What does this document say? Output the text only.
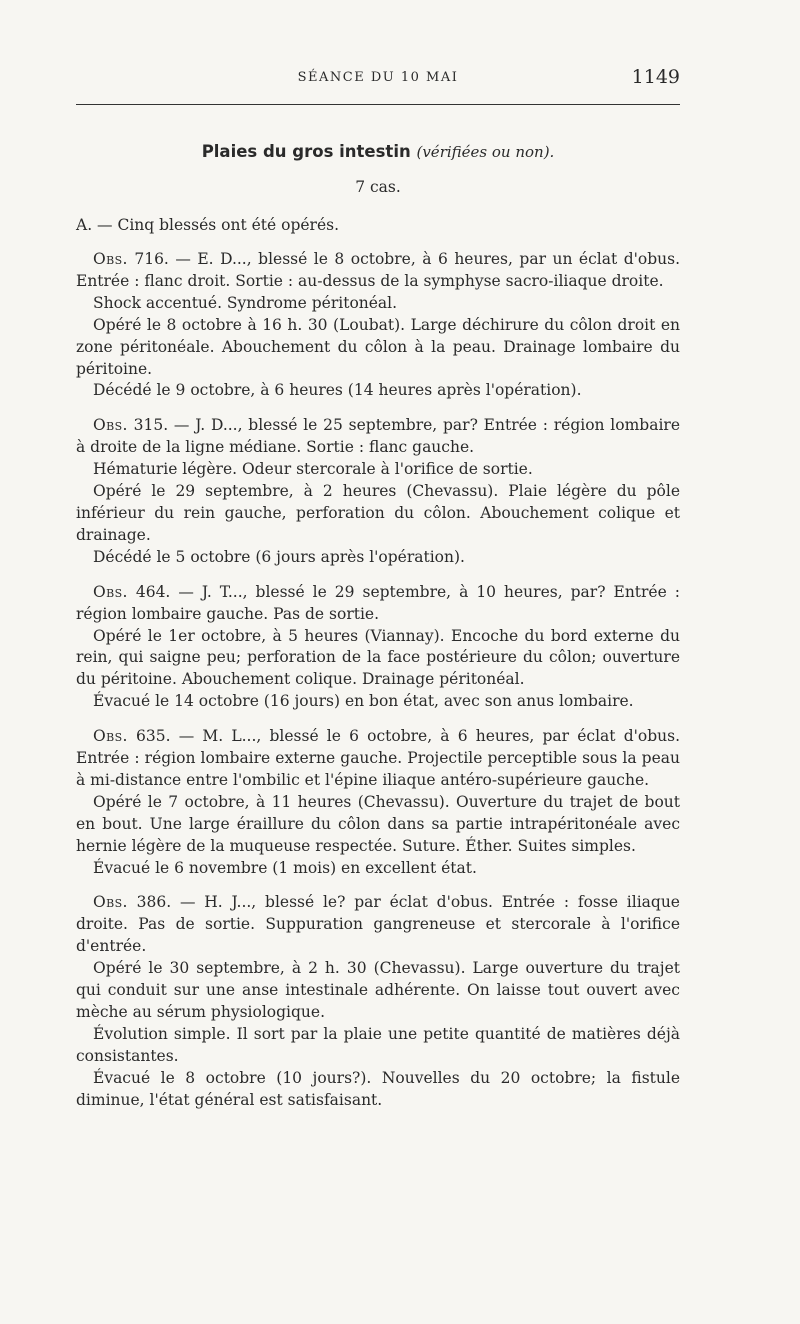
SÉANCE DU 10 MAI	1149
Plaies du gros intestin (vérifiées ou non).
7 cas.
A. — Cinq blessés ont été opérés.

Obs. 716. — E. D..., blessé le 8 octobre, à 6 heures, par un éclat d'obus. Entrée : flanc droit. Sortie : au-dessus de la symphyse sacro-iliaque droite.

Shock accentué. Syndrome péritonéal.

Opéré le 8 octobre à 16 h. 30 (Loubat). Large déchirure du côlon droit en zone péritonéale. Abouchement du côlon à la peau. Drainage lombaire du péritoine.

Décédé le 9 octobre, à 6 heures (14 heures après l'opération).

Obs. 315. — J. D..., blessé le 25 septembre, par? Entrée : région lombaire à droite de la ligne médiane. Sortie : flanc gauche.

Hématurie légère. Odeur stercorale à l'orifice de sortie.

Opéré le 29 septembre, à 2 heures (Chevassu). Plaie légère du pôle inférieur du rein gauche, perforation du côlon. Abouchement colique et drainage.

Décédé le 5 octobre (6 jours après l'opération).

Obs. 464. — J. T..., blessé le 29 septembre, à 10 heures, par? Entrée : région lombaire gauche. Pas de sortie.

Opéré le 1er octobre, à 5 heures (Viannay). Encoche du bord externe du rein, qui saigne peu; perforation de la face postérieure du côlon; ouverture du péritoine. Abouchement colique. Drainage péritonéal.

Évacué le 14 octobre (16 jours) en bon état, avec son anus lombaire.

Obs. 635. — M. L..., blessé le 6 octobre, à 6 heures, par éclat d'obus. Entrée : région lombaire externe gauche. Projectile perceptible sous la peau à mi-distance entre l'ombilic et l'épine iliaque antéro-supérieure gauche.

Opéré le 7 octobre, à 11 heures (Chevassu). Ouverture du trajet de bout en bout. Une large éraillure du côlon dans sa partie intrapéritonéale avec hernie légère de la muqueuse respectée. Suture. Éther. Suites simples.

Évacué le 6 novembre (1 mois) en excellent état.

Obs. 386. — H. J..., blessé le? par éclat d'obus. Entrée : fosse iliaque droite. Pas de sortie. Suppuration gangreneuse et stercorale à l'orifice d'entrée.

Opéré le 30 septembre, à 2 h. 30 (Chevassu). Large ouverture du trajet qui conduit sur une anse intestinale adhérente. On laisse tout ouvert avec mèche au sérum physiologique.

Évolution simple. Il sort par la plaie une petite quantité de matières déjà consistantes.

Évacué le 8 octobre (10 jours?). Nouvelles du 20 octobre; la fistule diminue, l'état général est satisfaisant.
